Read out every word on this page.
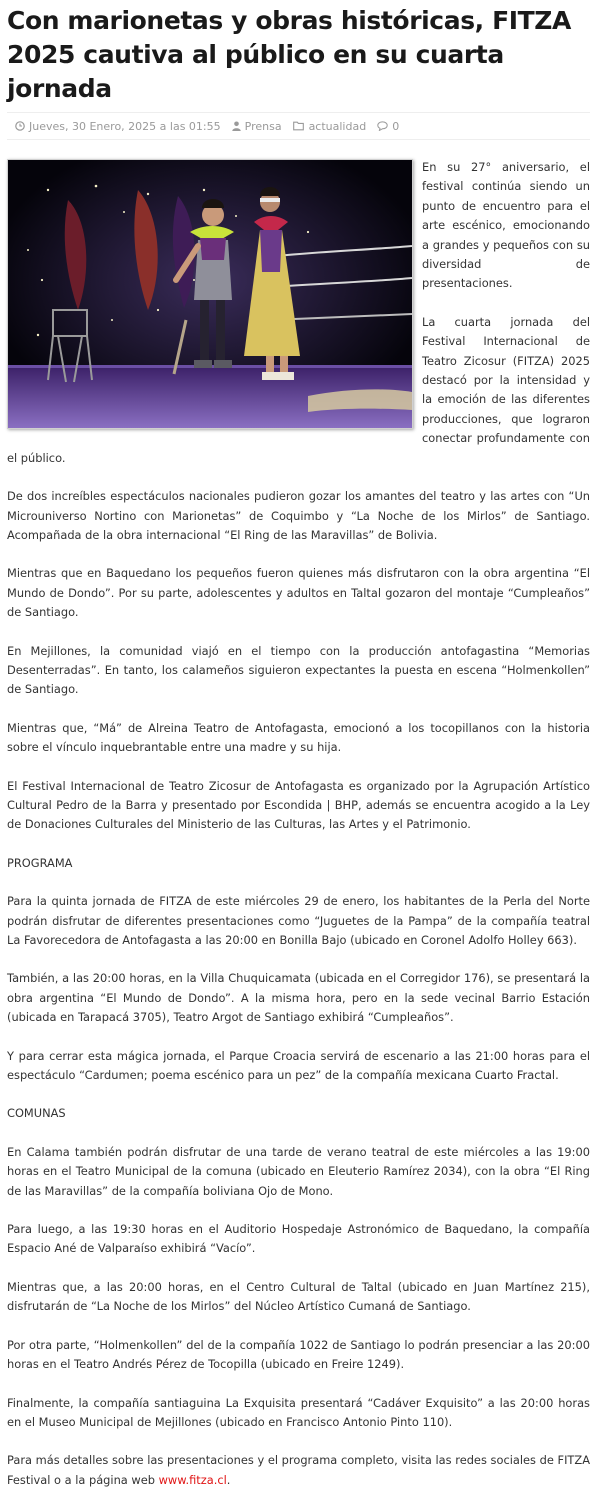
Con marionetas y obras históricas, FITZA 2025 cautiva al público en su cuarta jornada
Jueves, 30 Enero, 2025 a las 01:55 Prensa actualidad 0

En su 27° aniversario, el festival continúa siendo un punto de encuentro para el arte escénico, emocionando a grandes y pequeños con su diversidad de presentaciones.

La cuarta jornada del Festival Internacional de Teatro Zicosur (FITZA) 2025 destacó por la intensidad y la emoción de las diferentes producciones, que lograron conectar profundamente con el público.

De dos increíbles espectáculos nacionales pudieron gozar los amantes del teatro y las artes con “Un Microuniverso Nortino con Marionetas” de Coquimbo y “La Noche de los Mirlos” de Santiago. Acompañada de la obra internacional “El Ring de las Maravillas” de Bolivia.

Mientras que en Baquedano los pequeños fueron quienes más disfrutaron con la obra argentina “El Mundo de Dondo”. Por su parte, adolescentes y adultos en Taltal gozaron del montaje “Cumpleaños” de Santiago.

En Mejillones, la comunidad viajó en el tiempo con la producción antofagastina “Memorias Desenterradas”. En tanto, los calameños siguieron expectantes la puesta en escena “Holmenkollen” de Santiago.

Mientras que, “Má” de Alreina Teatro de Antofagasta, emocionó a los tocopillanos con la historia sobre el vínculo inquebrantable entre una madre y su hija.

El Festival Internacional de Teatro Zicosur de Antofagasta es organizado por la Agrupación Artístico Cultural Pedro de la Barra y presentado por Escondida | BHP, además se encuentra acogido a la Ley de Donaciones Culturales del Ministerio de las Culturas, las Artes y el Patrimonio.

PROGRAMA

Para la quinta jornada de FITZA de este miércoles 29 de enero, los habitantes de la Perla del Norte podrán disfrutar de diferentes presentaciones como “Juguetes de la Pampa” de la compañía teatral La Favorecedora de Antofagasta a las 20:00 en Bonilla Bajo (ubicado en Coronel Adolfo Holley 663).

También, a las 20:00 horas, en la Villa Chuquicamata (ubicada en el Corregidor 176), se presentará la obra argentina “El Mundo de Dondo”. A la misma hora, pero en la sede vecinal Barrio Estación (ubicada en Tarapacá 3705), Teatro Argot de Santiago exhibirá “Cumpleaños”.

Y para cerrar esta mágica jornada, el Parque Croacia servirá de escenario a las 21:00 horas para el espectáculo “Cardumen; poema escénico para un pez” de la compañía mexicana Cuarto Fractal.

COMUNAS

En Calama también podrán disfrutar de una tarde de verano teatral de este miércoles a las 19:00 horas en el Teatro Municipal de la comuna (ubicado en Eleuterio Ramírez 2034), con la obra “El Ring de las Maravillas” de la compañía boliviana Ojo de Mono.

Para luego, a las 19:30 horas en el Auditorio Hospedaje Astronómico de Baquedano, la compañía Espacio Ané de Valparaíso exhibirá “Vacío”.

Mientras que, a las 20:00 horas, en el Centro Cultural de Taltal (ubicado en Juan Martínez 215), disfrutarán de “La Noche de los Mirlos” del Núcleo Artístico Cumaná de Santiago.

Por otra parte, “Holmenkollen” del de la compañía 1022 de Santiago lo podrán presenciar a las 20:00 horas en el Teatro Andrés Pérez de Tocopilla (ubicado en Freire 1249).

Finalmente, la compañía santiaguina La Exquisita presentará “Cadáver Exquisito” a las 20:00 horas en el Museo Municipal de Mejillones (ubicado en Francisco Antonio Pinto 110).

Para más detalles sobre las presentaciones y el programa completo, visita las redes sociales de FITZA Festival o a la página web www.fitza.cl.
